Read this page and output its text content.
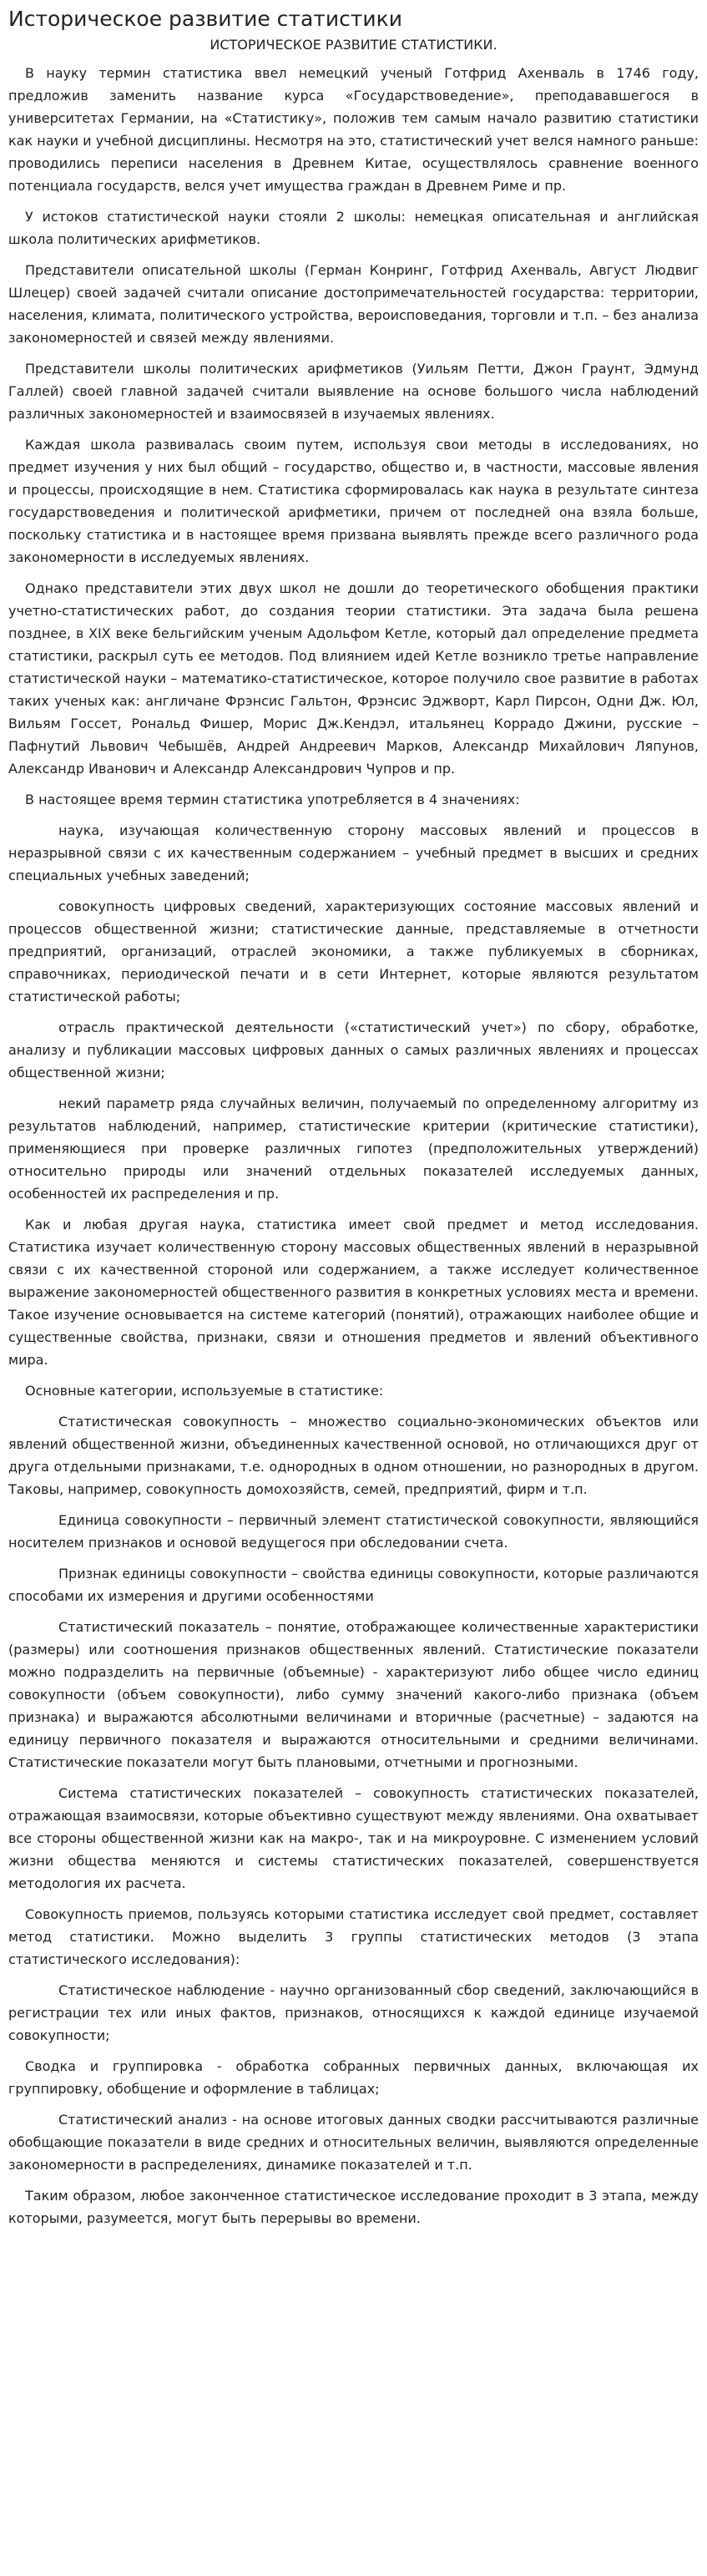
Историческое развитие статистики
ИСТОРИЧЕСКОЕ РАЗВИТИЕ СТАТИСТИКИ.

В науку термин статистика ввел немецкий ученый Готфрид Ахенваль в 1746 году, предложив заменить название курса «Государствоведение», преподававшегося в университетах Германии, на «Статистику», положив тем самым начало развитию статистики как науки и учебной дисциплины. Несмотря на это, статистический учет велся намного раньше: проводились переписи населения в Древнем Китае, осуществлялось сравнение военного потенциала государств, велся учет имущества граждан в Древнем Риме и пр.

У истоков статистической науки стояли 2 школы: немецкая описательная и английская школа политических арифметиков.

Представители описательной школы (Герман Конринг, Готфрид Ахенваль, Август Людвиг Шлецер) своей задачей считали описание достопримечательностей государства: территории, населения, климата, политического устройства, вероисповедания, торговли и т.п. – без анализа закономерностей и связей между явлениями.

Представители школы политических арифметиков (Уильям Петти, Джон Граунт, Эдмунд Галлей) своей главной задачей считали выявление на основе большого числа наблюдений различных закономерностей и взаимосвязей в изучаемых явлениях.

Каждая школа развивалась своим путем, используя свои методы в исследованиях, но предмет изучения у них был общий – государство, общество и, в частности, массовые явления и процессы, происходящие в нем. Статистика сформировалась как наука в результате синтеза государствоведения и политической арифметики, причем от последней она взяла больше, поскольку статистика и в настоящее время призвана выявлять прежде всего различного рода закономерности в исследуемых явлениях.

Однако представители этих двух школ не дошли до теоретического обобщения практики учетно-статистических работ, до создания теории статистики. Эта задача была решена позднее, в XIX веке бельгийским ученым Адольфом Кетле, который дал определение предмета статистики, раскрыл суть ее методов. Под влиянием идей Кетле возникло третье направление статистической науки – математико-статистическое, которое получило свое развитие в работах таких ученых как: англичане Фрэнсис Гальтон, Фрэнсис Эджворт, Карл Пирсон, Одни Дж. Юл, Вильям Госсет, Рональд Фишер, Морис Дж.Кендэл, итальянец Коррадо Джини, русские – Пафнутий Львович Чебышёв, Андрей Андреевич Марков, Александр Михайлович Ляпунов, Александр Иванович и Александр Александрович Чупров и пр.

В настоящее время термин статистика употребляется в 4 значениях:

наука, изучающая количественную сторону массовых явлений и процессов в неразрывной связи с их качественным содержанием – учебный предмет в высших и средних специальных учебных заведений;

совокупность цифровых сведений, характеризующих состояние массовых явлений и процессов общественной жизни; статистические данные, представляемые в отчетности предприятий, организаций, отраслей экономики, а также публикуемых в сборниках, справочниках, периодической печати и в сети Интернет, которые являются результатом статистической работы;

отрасль практической деятельности («статистический учет») по сбору, обработке, анализу и публикации массовых цифровых данных о самых различных явлениях и процессах общественной жизни;

некий параметр ряда случайных величин, получаемый по определенному алгоритму из результатов наблюдений, например, статистические критерии (критические статистики), применяющиеся при проверке различных гипотез (предположительных утверждений) относительно природы или значений отдельных показателей исследуемых данных, особенностей их распределения и пр.

Как и любая другая наука, статистика имеет свой предмет и метод исследования. Статистика изучает количественную сторону массовых общественных явлений в неразрывной связи с их качественной стороной или содержанием, а также исследует количественное выражение закономерностей общественного развития в конкретных условиях места и времени. Такое изучение основывается на системе категорий (понятий), отражающих наиболее общие и существенные свойства, признаки, связи и отношения предметов и явлений объективного мира.

Основные категории, используемые в статистике:

Статистическая совокупность – множество социально-экономических объектов или явлений общественной жизни, объединенных качественной основой, но отличающихся друг от друга отдельными признаками, т.е. однородных в одном отношении, но разнородных в другом. Таковы, например, совокупность домохозяйств, семей, предприятий, фирм и т.п.

Единица совокупности – первичный элемент статистической совокупности, являющийся носителем признаков и основой ведущегося при обследовании счета.

Признак единицы совокупности – свойства единицы совокупности, которые различаются способами их измерения и другими особенностями

Статистический показатель – понятие, отображающее количественные характеристики (размеры) или соотношения признаков общественных явлений. Статистические показатели можно подразделить на первичные (объемные) - характеризуют либо общее число единиц совокупности (объем совокупности), либо сумму значений какого-либо признака (объем признака) и выражаются абсолютными величинами и вторичные (расчетные) – задаются на единицу первичного показателя и выражаются относительными и средними величинами. Статистические показатели могут быть плановыми, отчетными и прогнозными.

Система статистических показателей – совокупность статистических показателей, отражающая взаимосвязи, которые объективно существуют между явлениями. Она охватывает все стороны общественной жизни как на макро-, так и на микроуровне. С изменением условий жизни общества меняются и системы статистических показателей, совершенствуется методология их расчета.

Совокупность приемов, пользуясь которыми статистика исследует свой предмет, составляет метод статистики. Можно выделить 3 группы статистических методов (3 этапа статистического исследования):

Статистическое наблюдение - научно организованный сбор сведений, заключающийся в регистрации тех или иных фактов, признаков, относящихся к каждой единице изучаемой совокупности;

Сводка и группировка - обработка собранных первичных данных, включающая их группировку, обобщение и оформление в таблицах;

Статистический анализ - на основе итоговых данных сводки рассчитываются различные обобщающие показатели в виде средних и относительных величин, выявляются определенные закономерности в распределениях, динамике показателей и т.п.

Таким образом, любое законченное статистическое исследование проходит в 3 этапа, между которыми, разумеется, могут быть перерывы во времени.
